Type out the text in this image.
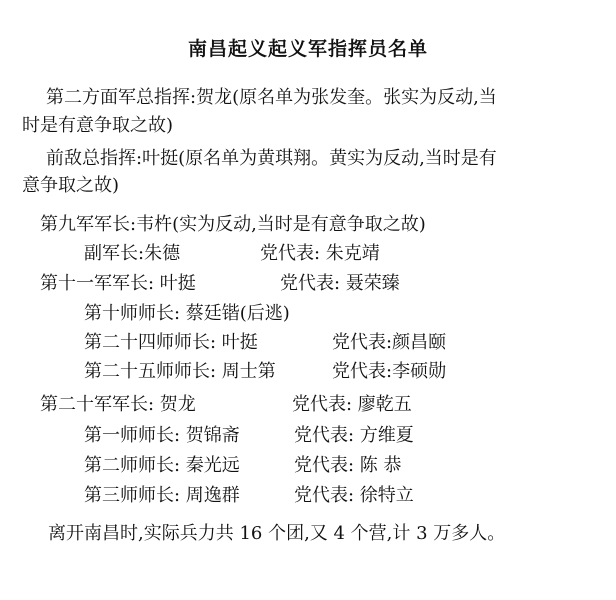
南昌起义起义军指挥员名单
第二方面军总指挥:贺龙(原名单为张发奎。张实为反动,当
时是有意争取之故)
前敌总指挥:叶挺(原名单为黄琪翔。黄实为反动,当时是有
意争取之故)
第九军军长:韦杵(实为反动,当时是有意争取之故)
副军长:朱德	党代表: 朱克靖
第十一军军长: 叶挺	党代表: 聂荣臻
第十师师长: 蔡廷锴(后逃)
第二十四师师长: 叶挺	党代表:颜昌颐
第二十五师师长: 周士第	党代表:李硕勋
第二十军军长: 贺龙	党代表: 廖乾五
第一师师长: 贺锦斋	党代表: 方维夏
第二师师长: 秦光远	党代表: 陈 恭
第三师师长: 周逸群	党代表: 徐特立
离开南昌时,实际兵力共 16 个团,又 4 个营,计 3 万多人。
